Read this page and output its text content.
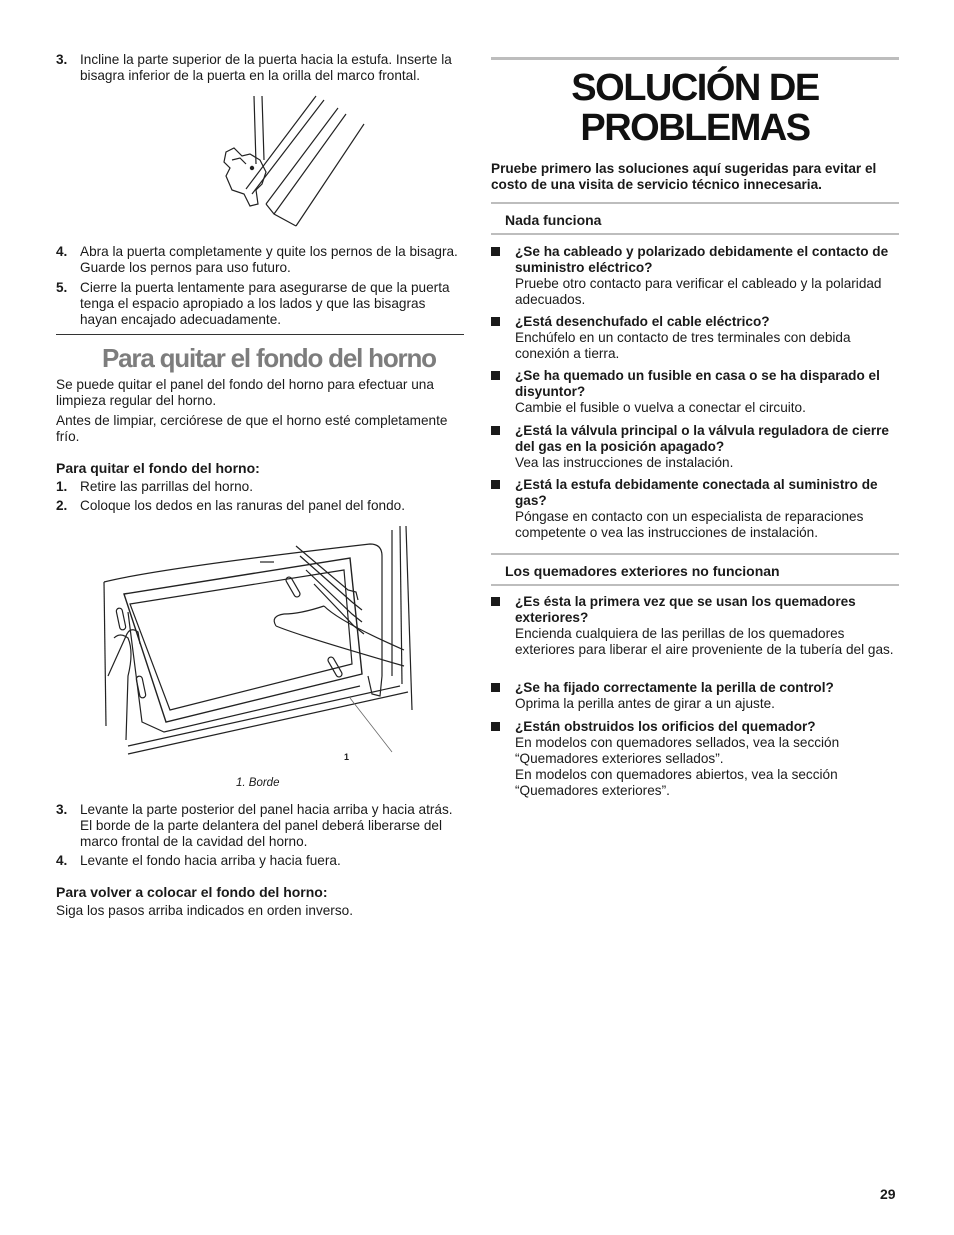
3. Incline la parte superior de la puerta hacia la estufa. Inserte la bisagra inferior de la puerta en la orilla del marco frontal.
4. Abra la puerta completamente y quite los pernos de la bisagra. Guarde los pernos para uso futuro.
5. Cierre la puerta lentamente para asegurarse de que la puerta tenga el espacio apropiado a los lados y que las bisagras hayan encajado adecuadamente.
Para quitar el fondo del horno
Se puede quitar el panel del fondo del horno para efectuar una limpieza regular del horno.
Antes de limpiar, cerciórese de que el horno esté completamente frío.
Para quitar el fondo del horno:
1. Retire las parrillas del horno.
2. Coloque los dedos en las ranuras del panel del fondo.
1
1. Borde
3. Levante la parte posterior del panel hacia arriba y hacia atrás. El borde de la parte delantera del panel deberá liberarse del marco frontal de la cavidad del horno.
4. Levante el fondo hacia arriba y hacia fuera.
Para volver a colocar el fondo del horno:
Siga los pasos arriba indicados en orden inverso.
SOLUCIÓN DE
PROBLEMAS
Pruebe primero las soluciones aquí sugeridas para evitar el costo de una visita de servicio técnico innecesaria.
Nada funciona
¿Se ha cableado y polarizado debidamente el contacto de suministro eléctrico?
Pruebe otro contacto para verificar el cableado y la polaridad adecuados.
¿Está desenchufado el cable eléctrico?
Enchúfelo en un contacto de tres terminales con debida conexión a tierra.
¿Se ha quemado un fusible en casa o se ha disparado el disyuntor?
Cambie el fusible o vuelva a conectar el circuito.
¿Está la válvula principal o la válvula reguladora de cierre del gas en la posición apagado?
Vea las instrucciones de instalación.
¿Está la estufa debidamente conectada al suministro de gas?
Póngase en contacto con un especialista de reparaciones competente o vea las instrucciones de instalación.
Los quemadores exteriores no funcionan
¿Es ésta la primera vez que se usan los quemadores exteriores?
Encienda cualquiera de las perillas de los quemadores exteriores para liberar el aire proveniente de la tubería del gas.
¿Se ha fijado correctamente la perilla de control?
Oprima la perilla antes de girar a un ajuste.
¿Están obstruidos los orificios del quemador?
En modelos con quemadores sellados, vea la sección “Quemadores exteriores sellados”.
En modelos con quemadores abiertos, vea la sección “Quemadores exteriores”.
29
